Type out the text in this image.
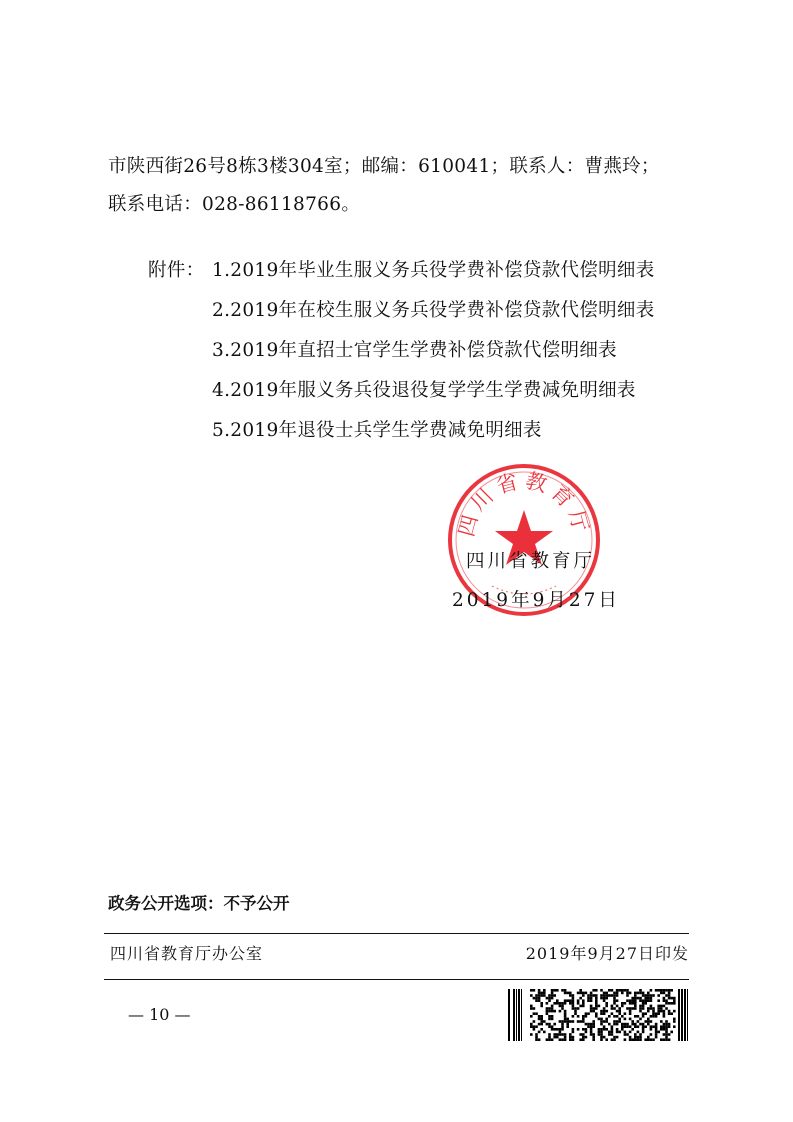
市陕西街26号8栋3楼304室；邮编：610041；联系人：曹燕玲；
联系电话：028-86118766。
附件： 1.2019年毕业生服义务兵役学费补偿贷款代偿明细表
2.2019年在校生服义务兵役学费补偿贷款代偿明细表
3.2019年直招士官学生学费补偿贷款代偿明细表
4.2019年服义务兵役退役复学学生学费减免明细表
5.2019年退役士兵学生学费减免明细表
四川省教育厅
四川省教育厅
2019年9月27日
政务公开选项：不予公开
四川省教育厅办公室	2019年9月27日印发
— 10 —
